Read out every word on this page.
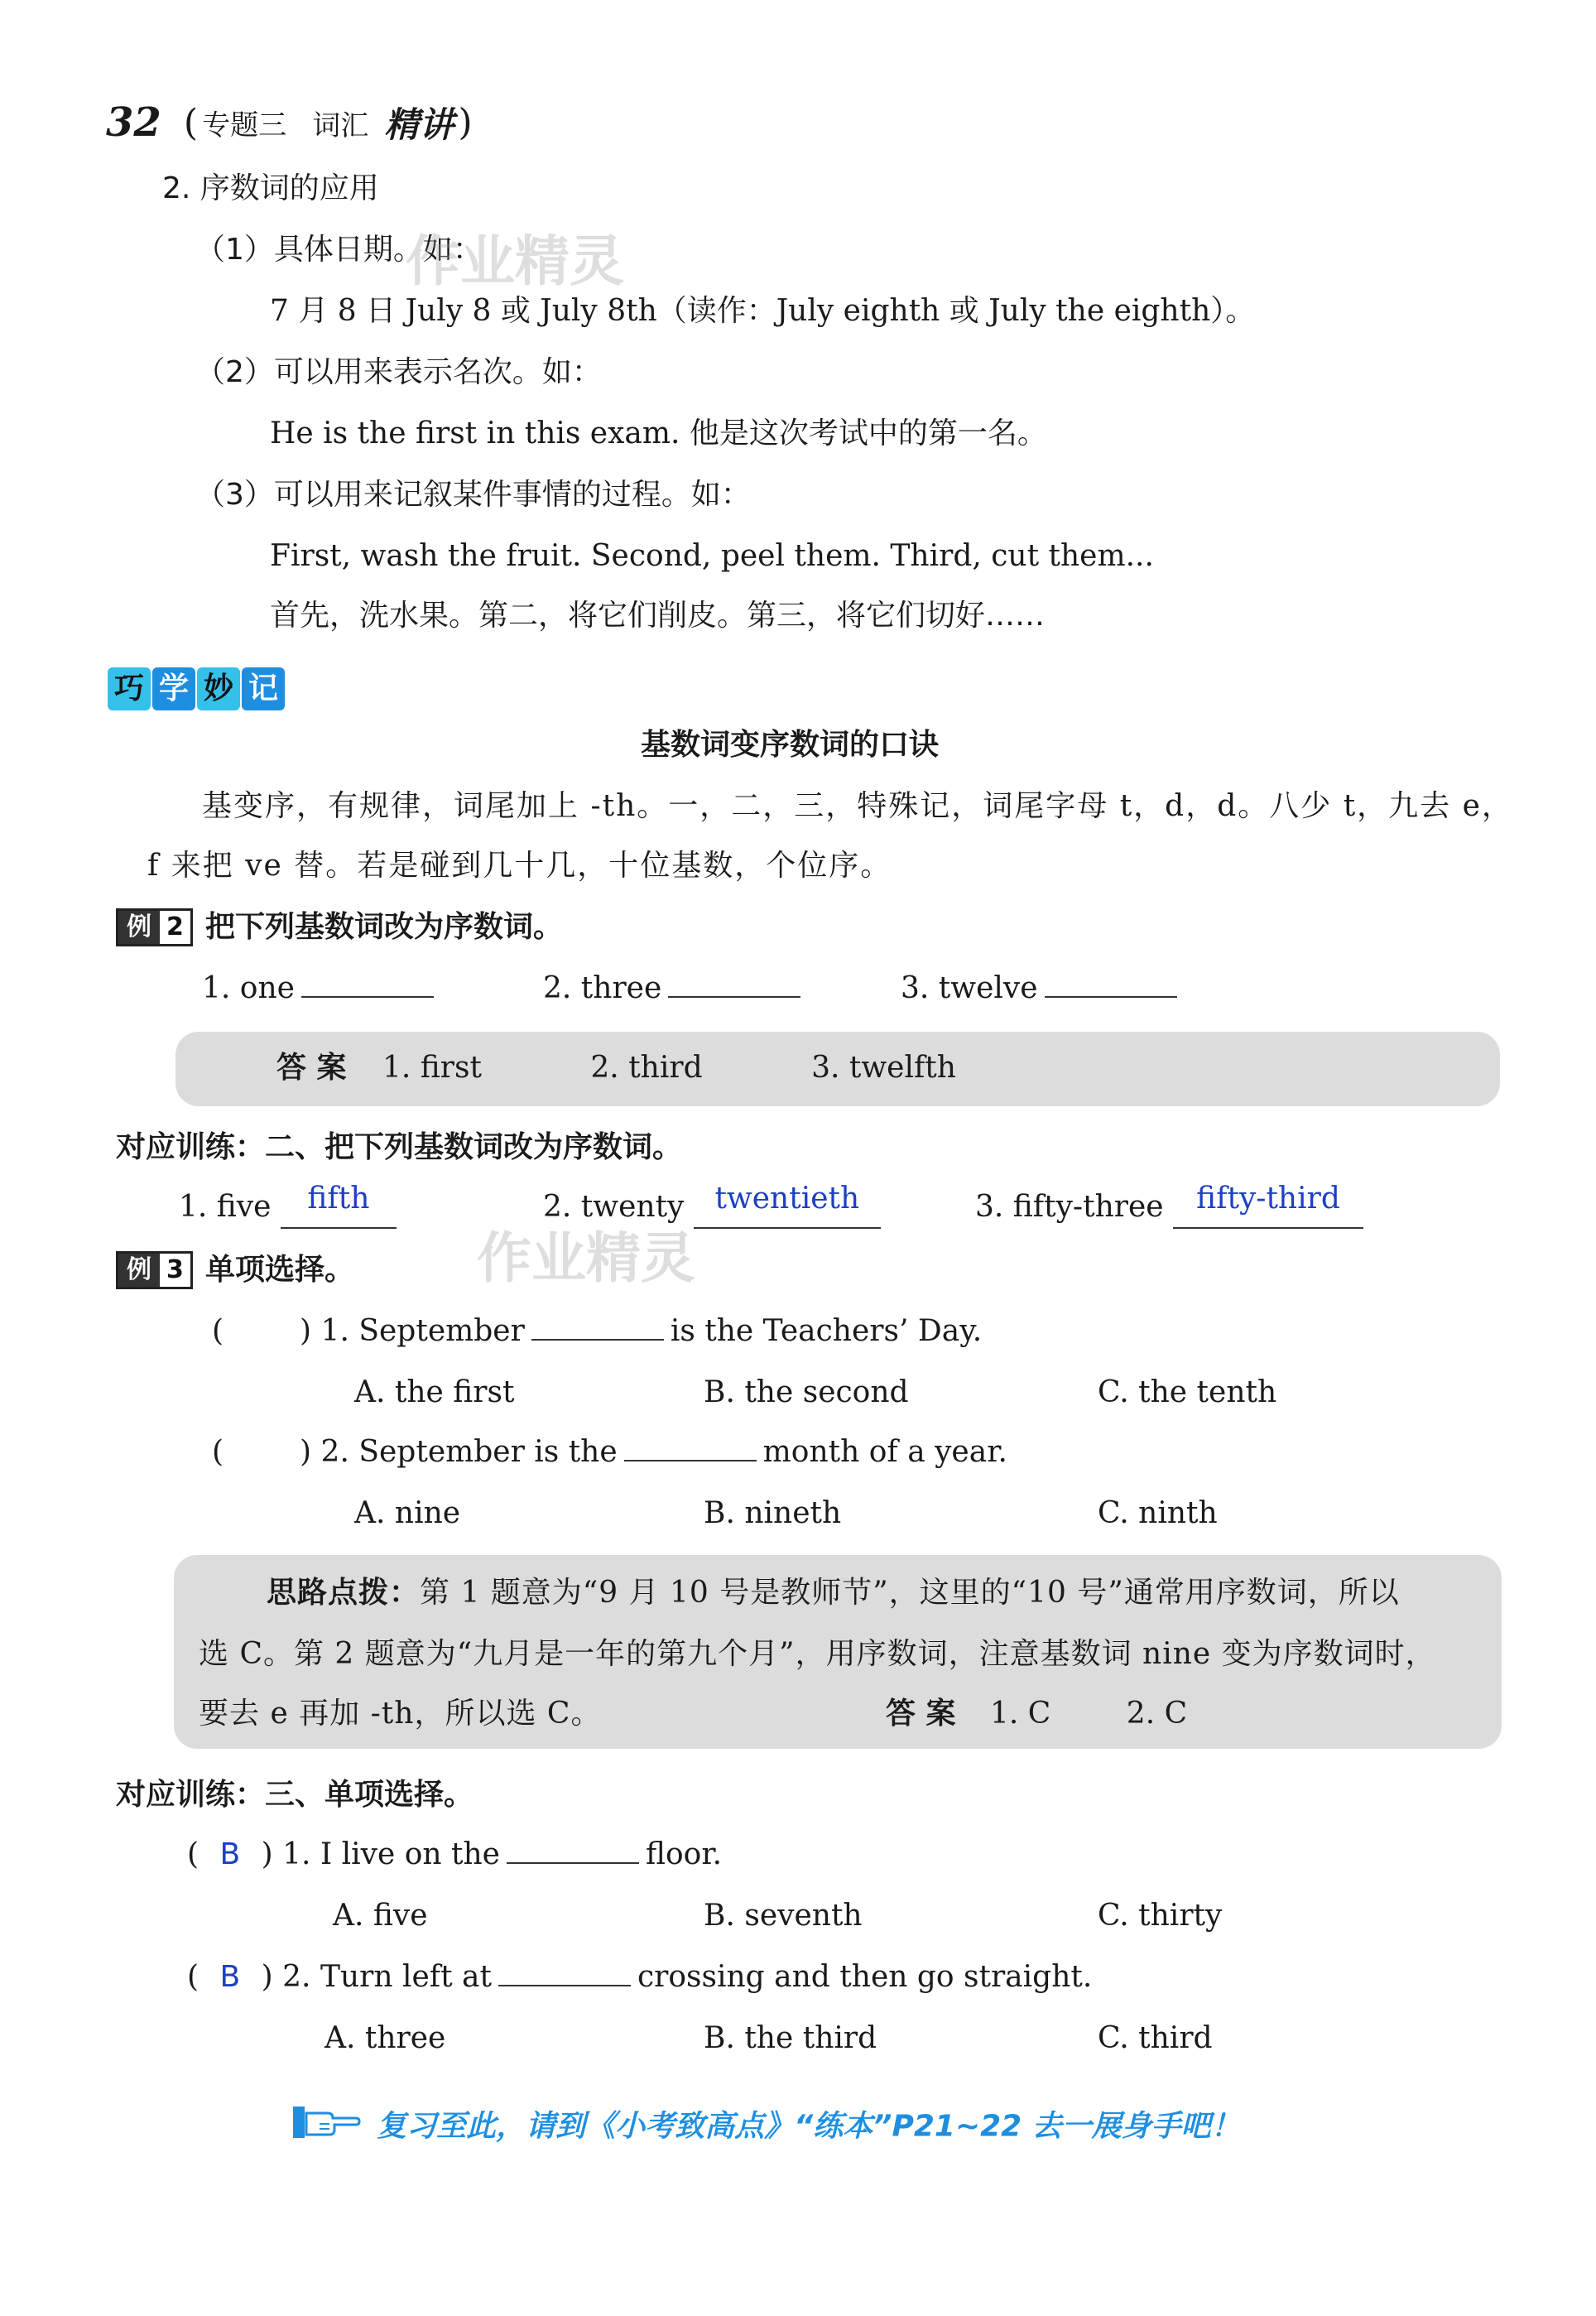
32 ( 专题三 词汇 精讲 )
2. 序数词的应用
（1）具体日期。如：
作业精灵
7 月 8 日 July 8 或 July 8th（读作：July eighth 或 July the eighth）。
（2）可以用来表示名次。如：
He is the first in this exam. 他是这次考试中的第一名。
（3）可以用来记叙某件事情的过程。如：
First, wash the fruit. Second, peel them. Third, cut them...
首先，洗水果。第二，将它们削皮。第三，将它们切好……
巧 学 妙 记
基数词变序数词的口诀
基变序，有规律，词尾加上 -th。一，二，三，特殊记，词尾字母 t，d，d。八少 t，九去 e，
f 来把 ve 替。若是碰到几十几，十位基数，个位序。
例 2 把下列基数词改为序数词。
1. one	2. three	3. twelve
答 案 1. first	2. third	3. twelfth
对应训练：二、把下列基数词改为序数词。
1. five fifth	2. twenty twentieth
作业精灵
3. fifty-three fifty-third
例 3 单项选择。
(	) 1. September	is the Teachers’ Day.
A. the first	B. the second	C. the tenth
(	) 2. September is the	month of a year.
A. nine	B. nineth	C. ninth
思路点拨：第 1 题意为“9 月 10 号是教师节”，这里的“10 号”通常用序数词，所以
选 C。第 2 题意为“九月是一年的第九个月”，用序数词，注意基数词 nine 变为序数词时，
要去 e 再加 -th，所以选 C。	答 案 1. C	2. C
对应训练：三、单项选择。
( B ) 1. I live on the	floor.
A. five	B. seventh	C. thirty
( B ) 2. Turn left at	crossing and then go straight.
A. three	B. the third	C. third
复习至此，请到《小考致高点》“练本”P21~22 去一展身手吧！
